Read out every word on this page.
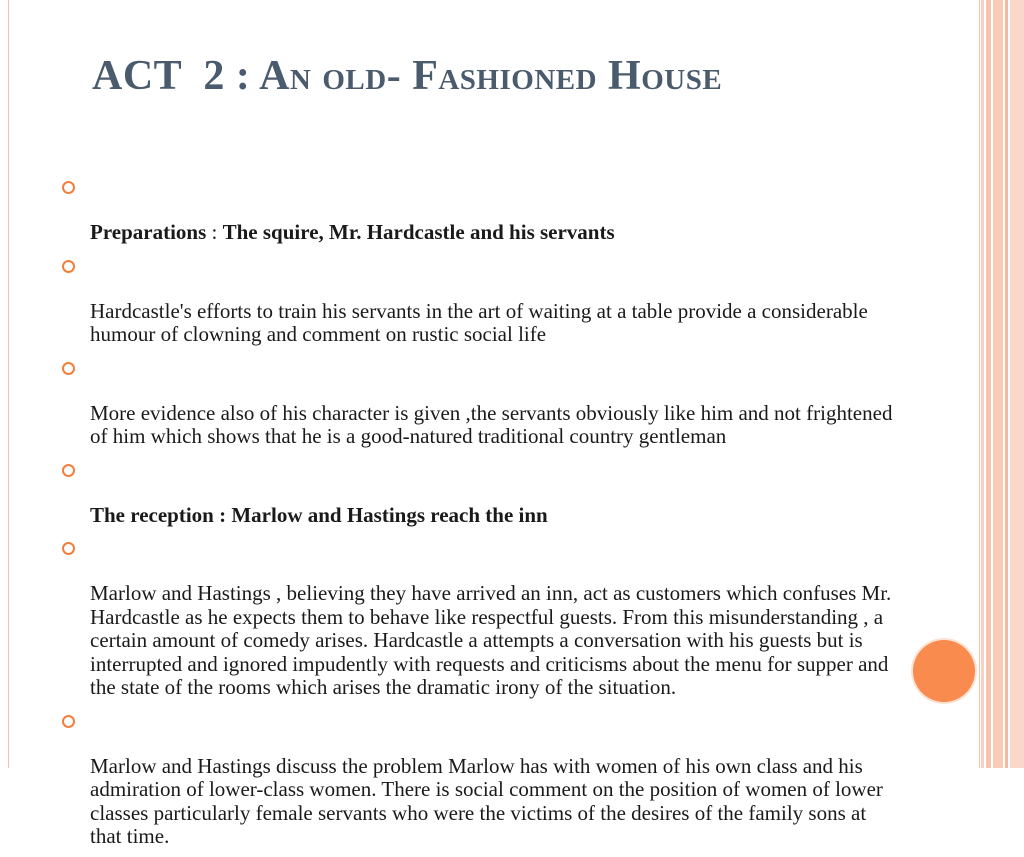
ACT  2 : An old- Fashioned House

Preparations : The squire, Mr. Hardcastle and his servants

Hardcastle's efforts to train his servants in the art of waiting at a table provide a considerable humour of clowning and comment on rustic social life

More evidence also of his character is given ,the servants obviously like him and not frightened of him which shows that he is a good-natured traditional country gentleman

The reception : Marlow and Hastings reach the inn

Marlow and Hastings , believing they have arrived an inn, act as customers which confuses Mr. Hardcastle as he expects them to behave like respectful guests. From this misunderstanding , a certain amount of comedy arises. Hardcastle a attempts a conversation with his guests but is interrupted and ignored impudently with requests and criticisms about the menu for supper and the state of the rooms which arises the dramatic irony of the situation.

Marlow and Hastings discuss the problem Marlow has with women of his own class and his admiration of lower-class women. There is social comment on the position of women of lower classes particularly female servants who were the victims of the desires of the family sons at that time.
